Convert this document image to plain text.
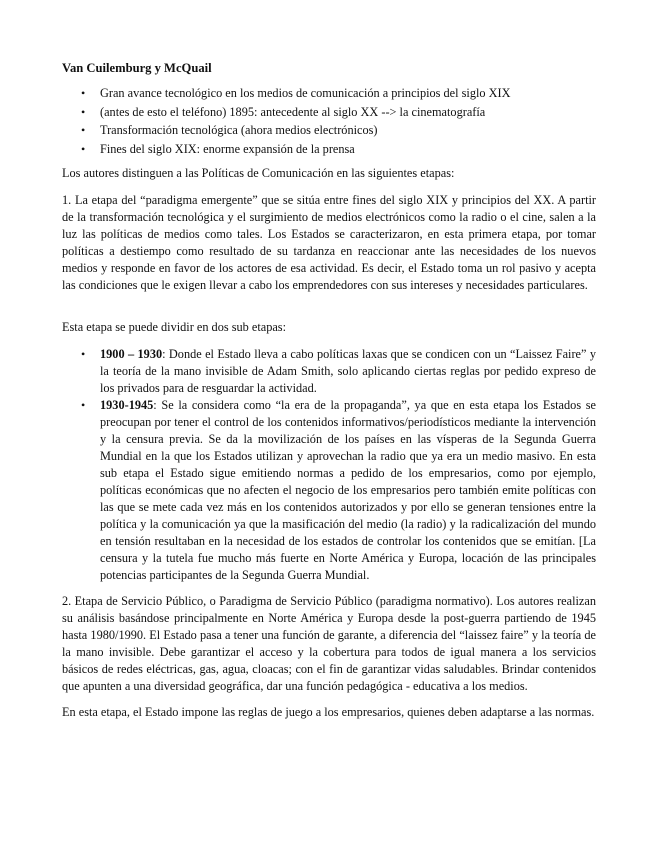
Van Cuilemburg y McQuail
• Gran avance tecnológico en los medios de comunicación a principios del siglo XIX
• (antes de esto el teléfono) 1895: antecedente al siglo XX --> la cinematografía
• Transformación tecnológica (ahora medios electrónicos)
• Fines del siglo XIX: enorme expansión de la prensa

Los autores distinguen a las Políticas de Comunicación en las siguientes etapas:

1. La etapa del “paradigma emergente” que se sitúa entre fines del siglo XIX y principios del XX. A partir de la transformación tecnológica y el surgimiento de medios electrónicos como la radio o el cine, salen a la luz las políticas de medios como tales. Los Estados se caracterizaron, en esta primera etapa, por tomar políticas a destiempo como resultado de su tardanza en reaccionar ante las necesidades de los nuevos medios y responde en favor de los actores de esa actividad. Es decir, el Estado toma un rol pasivo y acepta las condiciones que le exigen llevar a cabo los emprendedores con sus intereses y necesidades particulares.

Esta etapa se puede dividir en dos sub etapas:

• 1900 – 1930: Donde el Estado lleva a cabo políticas laxas que se condicen con un “Laissez Faire” y la teoría de la mano invisible de Adam Smith, solo aplicando ciertas reglas por pedido expreso de los privados para de resguardar la actividad.
• 1930-1945: Se la considera como “la era de la propaganda”, ya que en esta etapa los Estados se preocupan por tener el control de los contenidos informativos/periodísticos mediante la intervención y la censura previa. Se da la movilización de los países en las vísperas de la Segunda Guerra Mundial en la que los Estados utilizan y aprovechan la radio que ya era un medio masivo. En esta sub etapa el Estado sigue emitiendo normas a pedido de los empresarios, como por ejemplo, políticas económicas que no afecten el negocio de los empresarios pero también emite políticas con las que se mete cada vez más en los contenidos autorizados y por ello se generan tensiones entre la política y la comunicación ya que la masificación del medio (la radio) y la radicalización del mundo en tensión resultaban en la necesidad de los estados de controlar los contenidos que se emitían. [La censura y la tutela fue mucho más fuerte en Norte América y Europa, locación de las principales potencias participantes de la Segunda Guerra Mundial.

2. Etapa de Servicio Público, o Paradigma de Servicio Público (paradigma normativo). Los autores realizan su análisis basándose principalmente en Norte América y Europa desde la post-guerra partiendo de 1945 hasta 1980/1990. El Estado pasa a tener una función de garante, a diferencia del “laissez faire” y la teoría de la mano invisible. Debe garantizar el acceso y la cobertura para todos de igual manera a los servicios básicos de redes eléctricas, gas, agua, cloacas; con el fin de garantizar vidas saludables. Brindar contenidos que apunten a una diversidad geográfica, dar una función pedagógica - educativa a los medios.

En esta etapa, el Estado impone las reglas de juego a los empresarios, quienes deben adaptarse a las normas.
